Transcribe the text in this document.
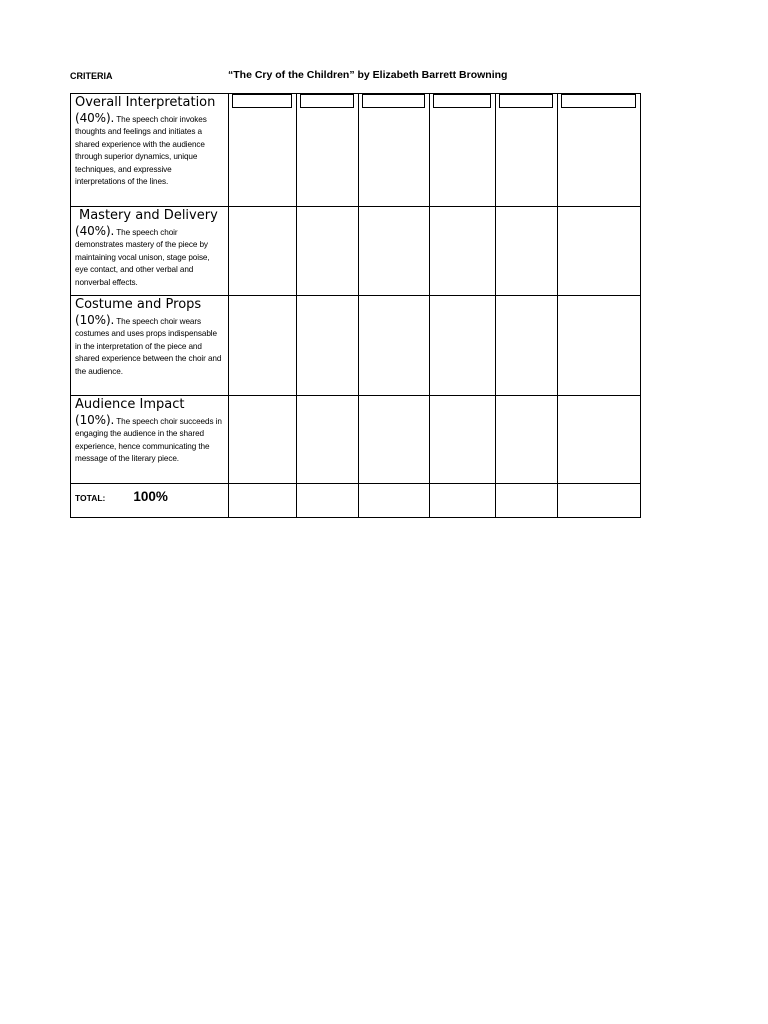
CRITERIA	“The Cry of the Children” by Elizabeth Barrett Browning
Overall Interpretation
(40%). The speech choir invokes thoughts and feelings and initiates a shared experience with the audience through superior dynamics, unique techniques, and expressive interpretations of the lines.						

Mastery and Delivery
(40%). The speech choir demonstrates mastery of the piece by maintaining vocal unison, stage poise, eye contact, and other verbal and nonverbal effects.						

Costume and Props
(10%). The speech choir wears costumes and uses props indispensable in the interpretation of the piece and shared experience between the choir and the audience.						

Audience Impact
(10%). The speech choir succeeds in engaging the audience in the shared experience, hence communicating the message of the literary piece.						

TOTAL: 100%						
